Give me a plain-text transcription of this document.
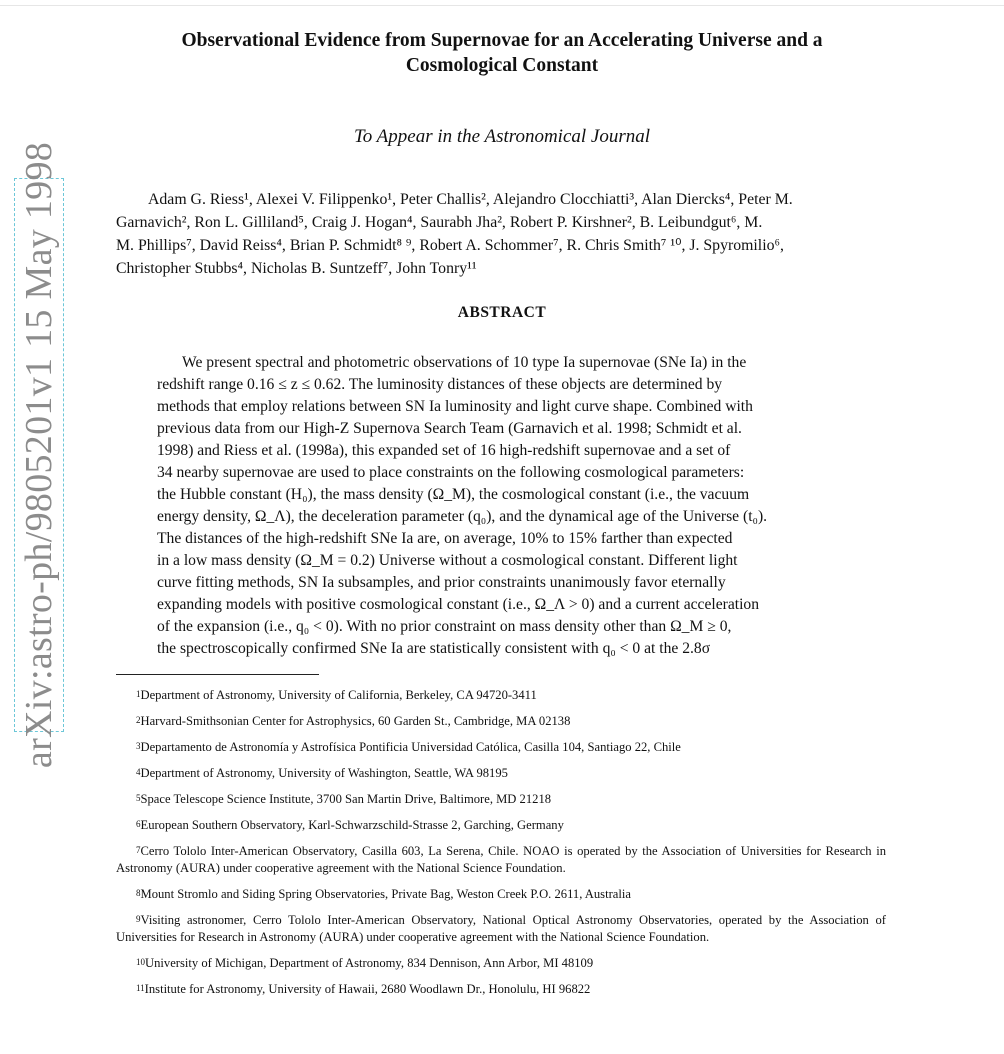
arXiv:astro-ph/9805201v1 15 May 1998
Observational Evidence from Supernovae for an Accelerating Universe and a
Cosmological Constant
To Appear in the Astronomical Journal
Adam G. Riess¹, Alexei V. Filippenko¹, Peter Challis², Alejandro Clocchiatti³, Alan Diercks⁴, Peter M.
Garnavich², Ron L. Gilliland⁵, Craig J. Hogan⁴, Saurabh Jha², Robert P. Kirshner², B. Leibundgut⁶, M.
M. Phillips⁷, David Reiss⁴, Brian P. Schmidt⁸ ⁹, Robert A. Schommer⁷, R. Chris Smith⁷ ¹⁰, J. Spyromilio⁶,
Christopher Stubbs⁴, Nicholas B. Suntzeff⁷, John Tonry¹¹
ABSTRACT
We present spectral and photometric observations of 10 type Ia supernovae (SNe Ia) in the
redshift range 0.16 ≤ z ≤ 0.62. The luminosity distances of these objects are determined by
methods that employ relations between SN Ia luminosity and light curve shape. Combined with
previous data from our High-Z Supernova Search Team (Garnavich et al. 1998; Schmidt et al.
1998) and Riess et al. (1998a), this expanded set of 16 high-redshift supernovae and a set of
34 nearby supernovae are used to place constraints on the following cosmological parameters:
the Hubble constant (H₀), the mass density (Ω_M), the cosmological constant (i.e., the vacuum
energy density, Ω_Λ), the deceleration parameter (q₀), and the dynamical age of the Universe (t₀).
The distances of the high-redshift SNe Ia are, on average, 10% to 15% farther than expected
in a low mass density (Ω_M = 0.2) Universe without a cosmological constant. Different light
curve fitting methods, SN Ia subsamples, and prior constraints unanimously favor eternally
expanding models with positive cosmological constant (i.e., Ω_Λ > 0) and a current acceleration
of the expansion (i.e., q₀ < 0). With no prior constraint on mass density other than Ω_M ≥ 0,
the spectroscopically confirmed SNe Ia are statistically consistent with q₀ < 0 at the 2.8σ
$^1$Department of Astronomy, University of California, Berkeley, CA 94720-3411
$^2$Harvard-Smithsonian Center for Astrophysics, 60 Garden St., Cambridge, MA 02138
$^3$Departamento de Astronomía y Astrofísica Pontificia Universidad Católica, Casilla 104, Santiago 22, Chile
$^4$Department of Astronomy, University of Washington, Seattle, WA 98195
$^5$Space Telescope Science Institute, 3700 San Martin Drive, Baltimore, MD 21218
$^6$European Southern Observatory, Karl-Schwarzschild-Strasse 2, Garching, Germany
$^7$Cerro Tololo Inter-American Observatory, Casilla 603, La Serena, Chile. NOAO is operated by the Association of Universities for Research in Astronomy (AURA) under cooperative agreement with the National Science Foundation.
$^8$Mount Stromlo and Siding Spring Observatories, Private Bag, Weston Creek P.O. 2611, Australia
$^9$Visiting astronomer, Cerro Tololo Inter-American Observatory, National Optical Astronomy Observatories, operated by the Association of Universities for Research in Astronomy (AURA) under cooperative agreement with the National Science Foundation.
$^{10}$University of Michigan, Department of Astronomy, 834 Dennison, Ann Arbor, MI 48109
$^{11}$Institute for Astronomy, University of Hawaii, 2680 Woodlawn Dr., Honolulu, HI 96822
